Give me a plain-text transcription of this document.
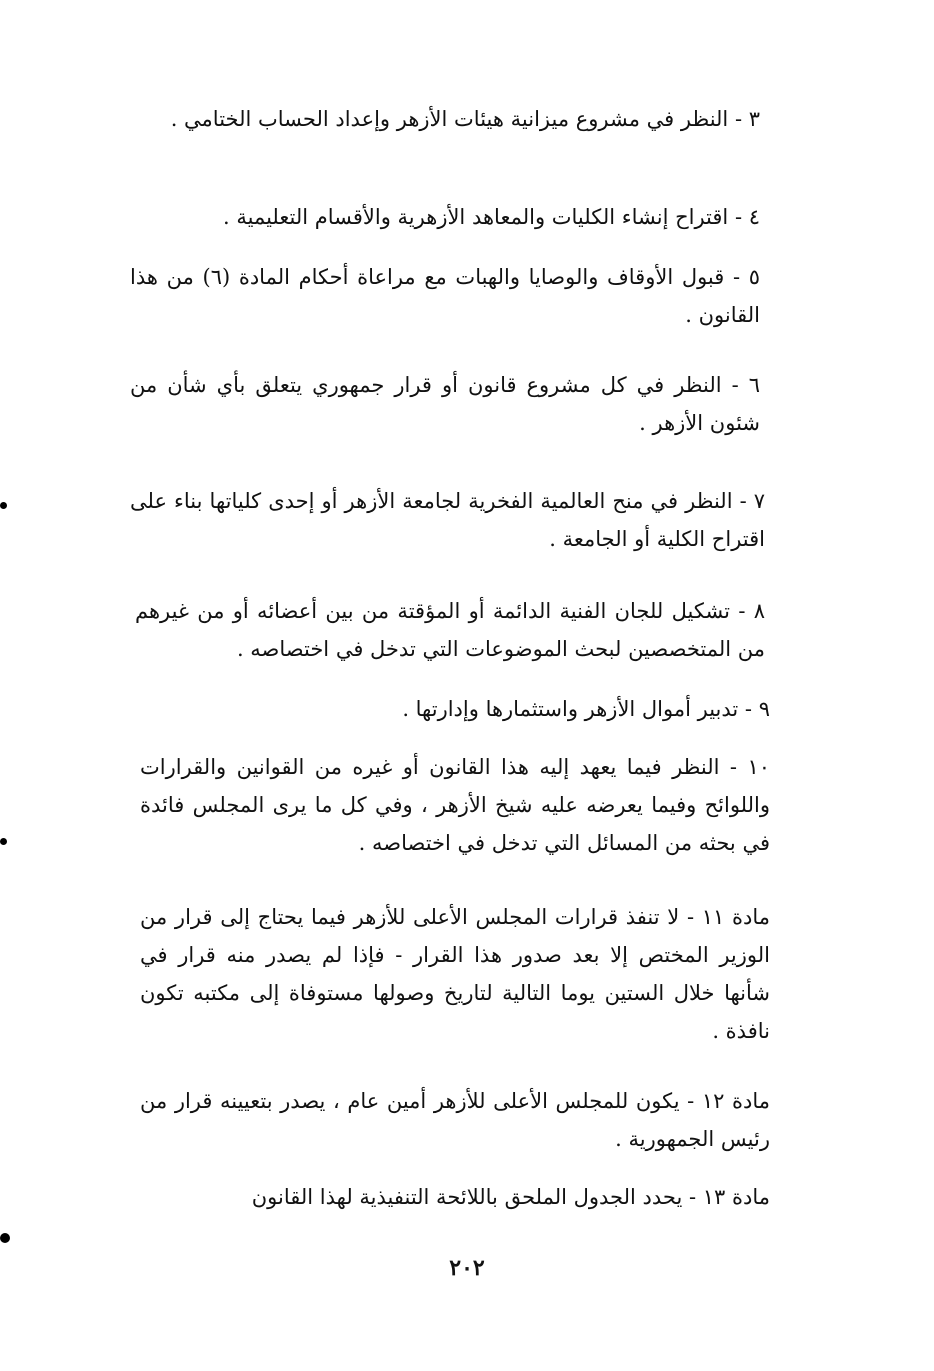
٣ - النظر في مشروع ميزانية هيئات الأزهر وإعداد الحساب الختامي .
٤ - اقتراح إنشاء الكليات والمعاهد الأزهرية والأقسام التعليمية .
٥ - قبول الأوقاف والوصايا والهبات مع مراعاة أحكام المادة (٦) من هذا القانون .
٦ - النظر في كل مشروع قانون أو قرار جمهوري يتعلق بأي شأن من شئون الأزهر .
٧ - النظر في منح العالمية الفخرية لجامعة الأزهر أو إحدى كلياتها بناء على اقتراح الكلية أو الجامعة .
٨ - تشكيل للجان الفنية الدائمة أو المؤقتة من بين أعضائه أو من غيرهم من المتخصصين لبحث الموضوعات التي تدخل في اختصاصه .
٩ - تدبير أموال الأزهر واستثمارها وإدارتها .
١٠ - النظر فيما يعهد إليه هذا القانون أو غيره من القوانين والقرارات واللوائح وفيما يعرضه عليه شيخ الأزهر ، وفي كل ما يرى المجلس فائدة في بحثه من المسائل التي تدخل في اختصاصه .
مادة ١١ - لا تنفذ قرارات المجلس الأعلى للأزهر فيما يحتاج إلى قرار من الوزير المختص إلا بعد صدور هذا القرار - فإذا لم يصدر منه قرار في شأنها خلال الستين يوما التالية لتاريخ وصولها مستوفاة إلى مكتبه تكون نافذة .
مادة ١٢ - يكون للمجلس الأعلى للأزهر أمين عام ، يصدر بتعيينه قرار من رئيس الجمهورية .
مادة ١٣ - يحدد الجدول الملحق باللائحة التنفيذية لهذا القانون
٢٠٢
